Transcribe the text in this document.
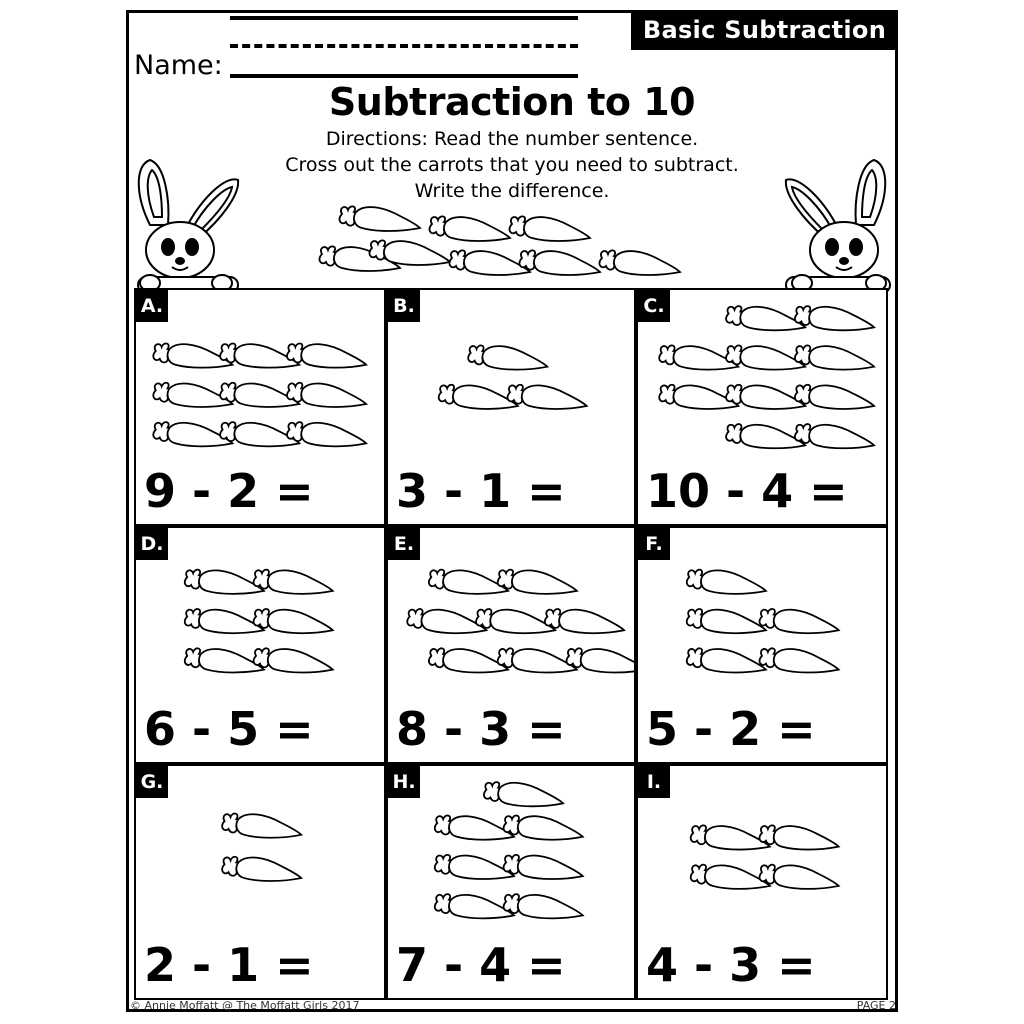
Basic Subtraction
Name:
Subtraction to 10
Directions: Read the number sentence.
Cross out the carrots that you need to subtract.
Write the difference.
A.
9 - 2 =
B.
3 - 1 =
C.
10 - 4 =
D.
6 - 5 =
E.
8 - 3 =
F.
5 - 2 =
G.
2 - 1 =
H.
7 - 4 =
I.
4 - 3 =
© Annie Moffatt @ The Moffatt Girls 2017	PAGE 2
